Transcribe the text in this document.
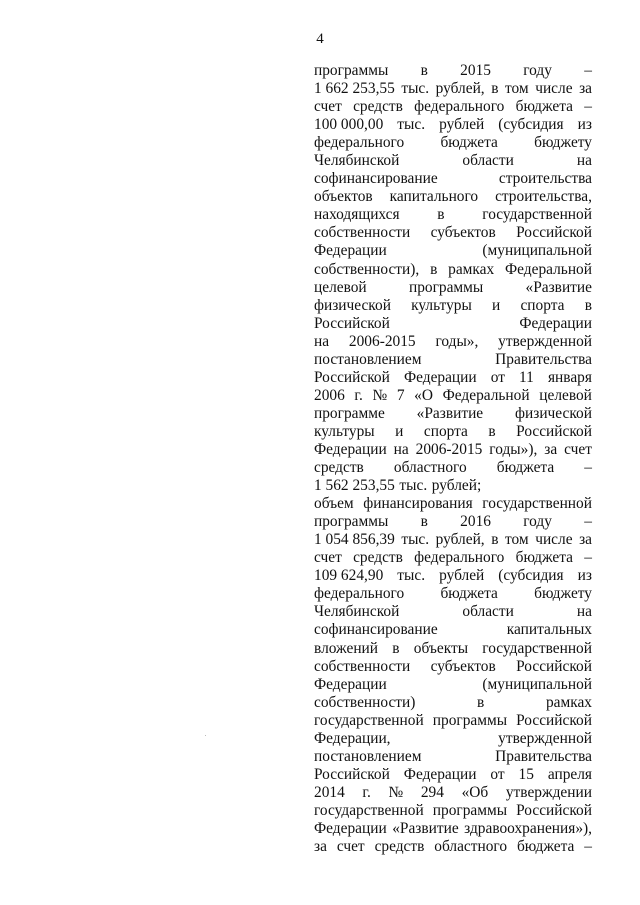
4
программы в 2015 году –
1 662 253,55 тыс. рублей, в том числе за
счет средств федерального бюджета –
100 000,00 тыс. рублей (субсидия из
федерального бюджета бюджету
Челябинской	области	на
софинансирование	строительства
объектов капитального строительства,
находящихся в государственной
собственности субъектов Российской
Федерации	(муниципальной
собственности), в рамках Федеральной
целевой	программы	«Развитие
физической культуры и спорта в
Российской	Федерации
на 2006-2015 годы», утвержденной
постановлением	Правительства
Российской Федерации от 11 января
2006 г. № 7 «О Федеральной целевой
программе «Развитие физической
культуры и спорта в Российской
Федерации на 2006-2015 годы»), за счет
средств областного бюджета –
1 562 253,55 тыс. рублей;
объем финансирования государственной
программы в 2016 году –
1 054 856,39 тыс. рублей, в том числе за
счет средств федерального бюджета –
109 624,90 тыс. рублей (субсидия из
федерального бюджета бюджету
Челябинской	области	на
софинансирование	капитальных
вложений в объекты государственной
собственности субъектов Российской
Федерации	(муниципальной
собственности)	в	рамках
государственной программы Российской
Федерации,	утвержденной
постановлением	Правительства
Российской Федерации от 15 апреля
2014 г. № 294 «Об утверждении
государственной программы Российской
Федерации «Развитие здравоохранения»),
за счет средств областного бюджета –
